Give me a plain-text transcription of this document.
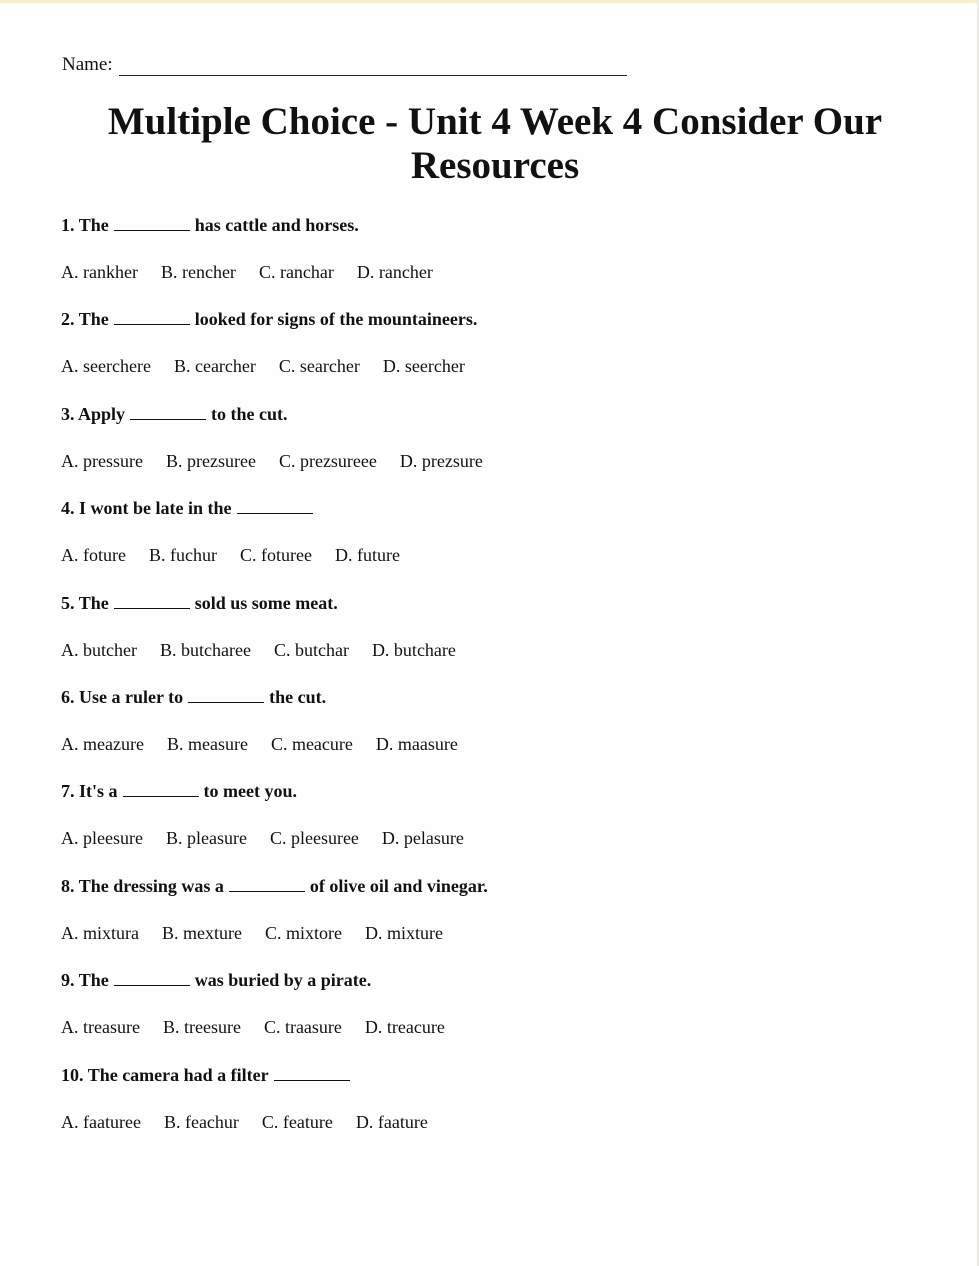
Name:
Multiple Choice - Unit 4 Week 4 Consider Our Resources
1. The	has cattle and horses.
A. rankher B. rencher C. ranchar D. rancher
2. The	looked for signs of the mountaineers.
A. seerchere B. cearcher C. searcher D. seercher
3. Apply	to the cut.
A. pressure B. prezsuree C. prezsureee D. prezsure
4. I wont be late in the
A. foture B. fuchur C. foturee D. future
5. The	sold us some meat.
A. butcher B. butcharee C. butchar D. butchare
6. Use a ruler to	the cut.
A. meazure B. measure C. meacure D. maasure
7. It's a	to meet you.
A. pleesure B. pleasure C. pleesuree D. pelasure
8. The dressing was a	of olive oil and vinegar.
A. mixtura B. mexture C. mixtore D. mixture
9. The	was buried by a pirate.
A. treasure B. treesure C. traasure D. treacure
10. The camera had a filter
A. faaturee B. feachur C. feature D. faature
